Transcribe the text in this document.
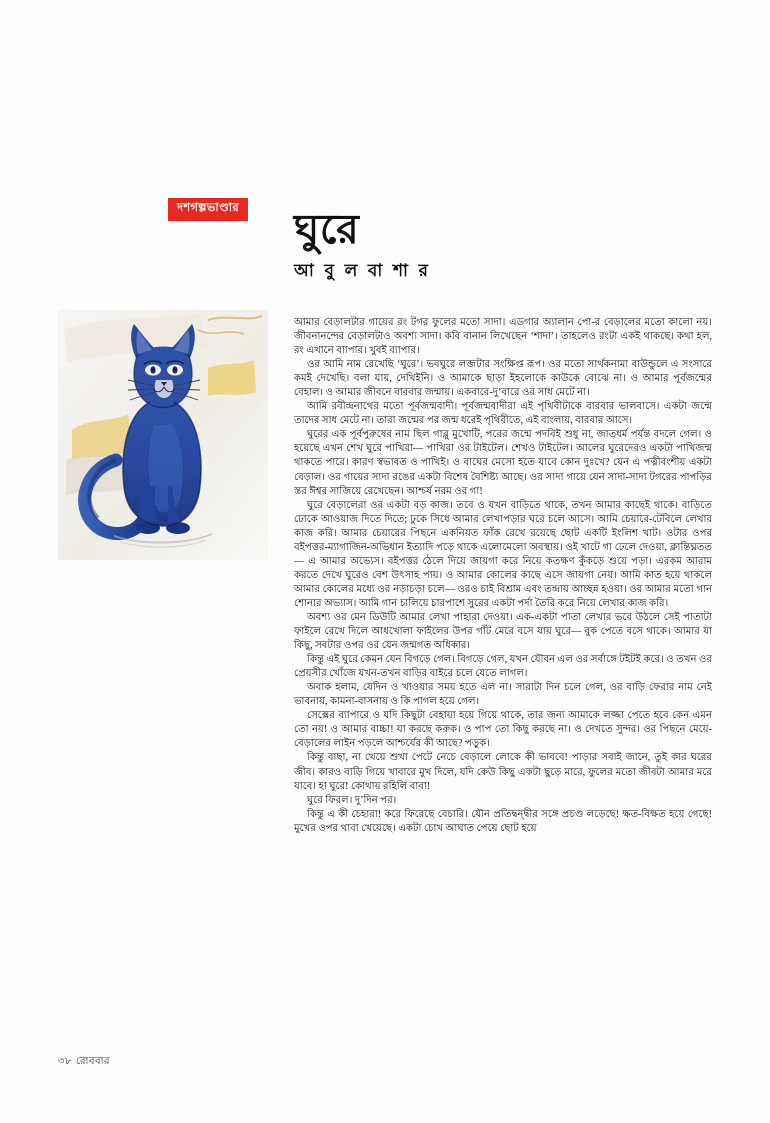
দশগল্পভাণ্ডার ঘুরে
আ বু ল বা শা র

আমার বেড়ালটার গায়ের রং টগর ফুলের মতো সাদা। এডগার অ্যালান পো-র বেড়ালের মতো কালো নয়। জীবনানন্দের বেড়ালটাও অবশ্য সাদা। কবি বানান লিখেছেন ‘শাদা’। তাহলেও রংটা একই থাকছে। কথা হল, রং এখানে বাাপার। খুবই ব্যাপার।

ওর আমি নাম রেখেছি ‘ঘুরে’। ভবঘুরে লব্জটার সংক্ষিপ্ত রূপ। ওর মতো সার্থকনামা বাউন্ডুলে এ সংসারে কমই দেখেছি। বলা যায়, দেখিইনি। ও আমাকে ছাড়া ইহলোকে কাউকে বোঝে না। ও আমার পূর্বজন্মের বেহাল। ও আমার জীবনে বারবার জন্মায়। একবারে-দু’বারে ওর সাধ মেটে না।

আমি রবীন্দ্রনাথের মতো পূর্বজন্মবাদী। পূর্বজন্মবাদীরা এই পৃথিবীটাকে বারবার ভালবাসে। একটা জন্মে তাদের সাধ মেটে না। তারা জন্মের পর জন্ম ধরেই পৃথিবীতে, এই বাংলায়, বারবার আসে।

ঘুরের এক পূর্বপুরুষের নাম ছিল গাব্লু মুখোটি, পরের জন্মে পদবিই শুধু না, জাতধর্ম পর্যন্ত বদলে গেল। ও হয়েছে এখন শেখ ঘুরে পাখিরা— পাখিরা ওর টাইটেল। শেখও টাইটেল। আলের ঘুরেদেরও একটা পাখিজন্ম থাকতে পারে। কারণ স্বভাবত ও পাখিই। ও বাঘের মেসো হতে যাবে কোন দুঃখে? যেন এ পত্নীবংশীয় একটা বেড়াল। ওর গায়ের সাদা রঙের একটা বিশেষ বৈশিষ্ট্য আছে। ওর সাদা গায়ে যেন সাদা-সাদা টগরের পাপড়ির স্তর ঈশ্বর সাজিয়ে রেখেছেন। আশ্চর্য নরম ওর গা!

ঘুরে বেড়ালেরা ওর একটা বড় কাজ। তবে ও যখন বাড়িতে থাকে, তখন আমার কাছেই থাকে। বাড়িতে ঢোকে আওয়াজ দিতে দিতে; ঢুকে সিধে আমার লেখাপড়ার ঘরে চলে আসে। আমি চেয়ারে-টেবিলে লেখার কাজ করি। আমার চেয়ারের পিছনে একনিয়ত ফাঁক রেখে রয়েছে ছোট একটি ইংলিশ খাট। ওটার ওপর বইপত্তর-ম্যাগাজিন-অভিধান ইত্যাদি পড়ে থাকে এলোমেলো অবস্থায়। ওই খাটে গা ঢেলে দেওয়া, ক্লান্তিঘ্নতত— এ আমার অভ্যেস। বইপত্তর ঠেলে দিয়ে জায়গা করে নিয়ে কতক্ষণ কুঁকড়ে শুয়ে পড়া। এরকম আরাম করতে দেখে ঘুরেও বেশ উৎসাহ পায়। ও আমার কোলের কাছে এসে জায়গা নেয়। আমি কাত হয়ে থাকলে আমার কোলের মধ্যে ওর নড়াচড়া চলে— ওরও চাই বিশ্রাম এবং তন্দ্রায় আচ্ছন্ন হওয়া। ওর আমার মতো গান শোনার অভ্যাস। আমি গান চালিয়ে চারপাশে সুরের একটা পর্দা তৈরি করে নিয়ে লেখার কাজ করি।

অবশ্য ওর মেন ডিউটি আমার লেখা পাহারা দেওয়া। এক-একটা পাতা লেখার ভরে উঠলে সেই পাতাটা ফাইলে রেখে দিলে আধখোলা ফাইলের উপর গাঁট মেরে বসে যায় ঘুরে— বুক পেতে বসে থাকে। আমার যা কিছু, সবটার ওপর ওর যেন জন্মগত অধিকার।

কিন্তু এই ঘুরে কেমন যেন বিগড়ে গেল। বিগড়ে গেল, যখন যৌবন এল ওর সর্বাঙ্গে টইটই করে। ও তখন ওর প্রেয়সীর খোঁজে যখন-তখন বাড়ির বাইরে চলে যেতে লাগল।

অবাক হলাম, যেদিন ও খাওয়ার সময় হতে এল না। সারাটা দিন চলে গেল, ওর বাড়ি ফেরার নাম নেই ভাবনায়, কামনা-বাসনায় ও কি পাগল হয়ে গেল।

সেক্সের ব্যাপারে ও যদি কিছুটা বেহায়া হয়ে গিয়ে থাকে, তার জন্য আমাকে লজ্জা পেতে হবে কেন এমন তো নয়! ও আমার বাচ্চা! যা করছে করুক। ও পাপ তো কিছু করছে না। ও দেখতে সুন্দর। ওর পিছনে মেয়ে-বেড়ালের লাইন পড়লে আশ্চর্যের কী আছে? পড়ুক।

কিন্তু বাছা, না খেয়ে শুখা পেটে নেচে বেড়ালে লোকে কী ভাববে! পাড়ার সবাই জানে, তুই কার ঘরের জীব। কারও বাড়ি গিয়ে খাবারে মুখ দিলে, যদি কেউ কিছু একটা ছুড়ে মারে, ফুলের মতো জীবটা আমার মরে যাবে। হা ঘুরে! কোথায় রহিলি বাবা!

ঘুরে ফিরল। দু’দিন পর।

কিন্তু এ কী চেহারা! করে ফিরেছে বেচারি। যৌন প্রতিদ্বন্দ্বীর সঙ্গে প্রচণ্ড লড়েছে! ক্ষত-বিক্ষত হয়ে গেছে! মুখের ওপর থাবা খেয়েছে। একটা চোখ আঘাত পেয়ে ছোট হয়ে

৩৮ রোববার
